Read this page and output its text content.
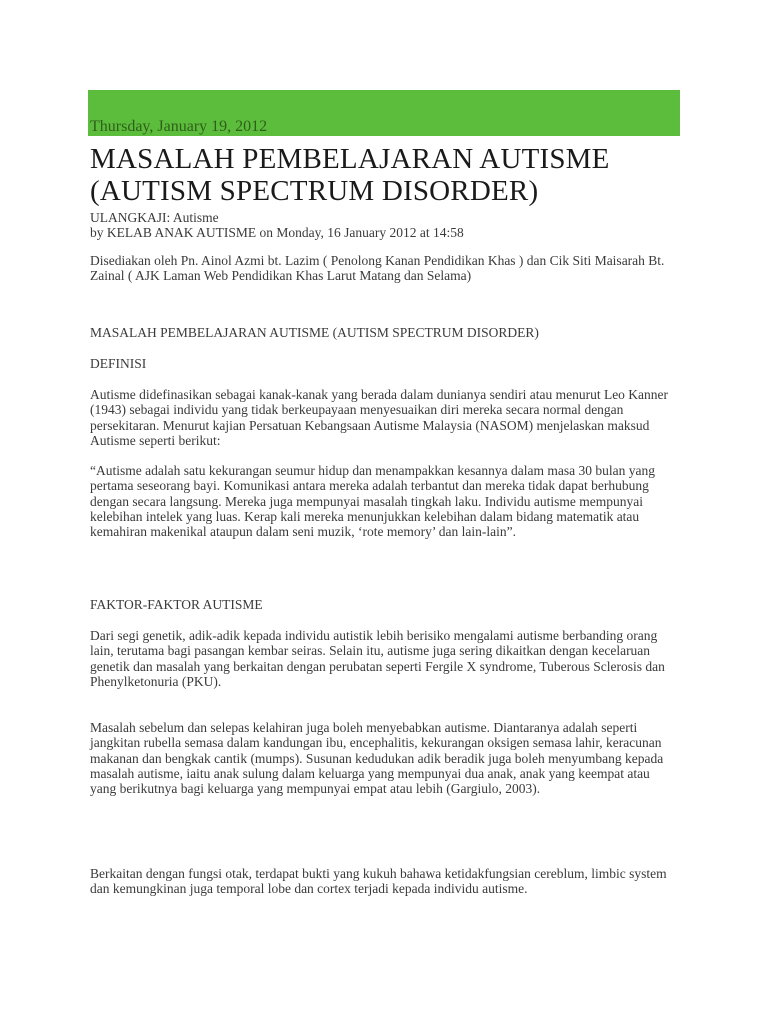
Thursday, January 19, 2012
MASALAH PEMBELAJARAN AUTISME (AUTISM SPECTRUM DISORDER)

ULANGKAJI: Autisme

by KELAB ANAK AUTISME on Monday, 16 January 2012 at 14:58

Disediakan oleh Pn. Ainol Azmi bt. Lazim ( Penolong Kanan Pendidikan Khas ) dan Cik Siti Maisarah Bt. Zainal ( AJK Laman Web Pendidikan Khas Larut Matang dan Selama)

MASALAH PEMBELAJARAN AUTISME (AUTISM SPECTRUM DISORDER)

DEFINISI

Autisme didefinasikan sebagai kanak-kanak yang berada dalam dunianya sendiri atau menurut Leo Kanner (1943) sebagai individu yang tidak berkeupayaan menyesuaikan diri mereka secara normal dengan persekitaran. Menurut kajian Persatuan Kebangsaan Autisme Malaysia (NASOM) menjelaskan maksud Autisme seperti berikut:

“Autisme adalah satu kekurangan seumur hidup dan menampakkan kesannya dalam masa 30 bulan yang pertama seseorang bayi. Komunikasi antara mereka adalah terbantut dan mereka tidak dapat berhubung dengan secara langsung. Mereka juga mempunyai masalah tingkah laku. Individu autisme mempunyai kelebihan intelek yang luas. Kerap kali mereka menunjukkan kelebihan dalam bidang matematik atau kemahiran makenikal ataupun dalam seni muzik, ‘rote memory’ dan lain-lain”.

FAKTOR-FAKTOR AUTISME

Dari segi genetik, adik-adik kepada individu autistik lebih berisiko mengalami autisme berbanding orang lain, terutama bagi pasangan kembar seiras. Selain itu, autisme juga sering dikaitkan dengan kecelaruan genetik dan masalah yang berkaitan dengan perubatan seperti Fergile X syndrome, Tuberous Sclerosis dan Phenylketonuria (PKU).

Masalah sebelum dan selepas kelahiran juga boleh menyebabkan autisme. Diantaranya adalah seperti jangkitan rubella semasa dalam kandungan ibu, encephalitis, kekurangan oksigen semasa lahir, keracunan makanan dan bengkak cantik (mumps). Susunan kedudukan adik beradik juga boleh menyumbang kepada masalah autisme, iaitu anak sulung dalam keluarga yang mempunyai dua anak, anak yang keempat atau yang berikutnya bagi keluarga yang mempunyai empat atau lebih (Gargiulo, 2003).

Berkaitan dengan fungsi otak, terdapat bukti yang kukuh bahawa ketidakfungsian cereblum, limbic system dan kemungkinan juga temporal lobe dan cortex terjadi kepada individu autisme.
